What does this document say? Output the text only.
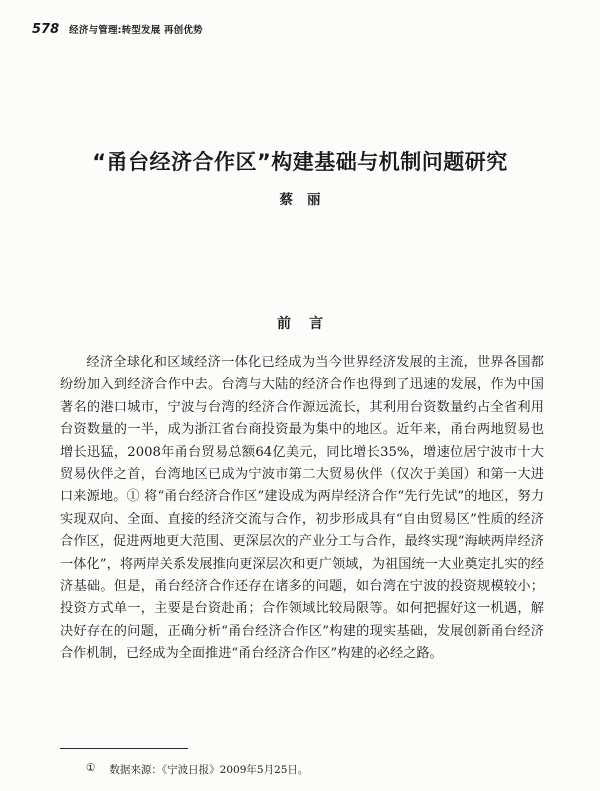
578 经济与管理:转型发展 再创优势
“甬台经济合作区”构建基础与机制问题研究
蔡丽
前言

经济全球化和区域经济一体化已经成为当今世界经济发展的主流，世界各国都纷纷加入到经济合作中去。台湾与大陆的经济合作也得到了迅速的发展，作为中国著名的港口城市，宁波与台湾的经济合作源远流长，其利用台资数量约占全省利用台资数量的一半，成为浙江省台商投资最为集中的地区。近年来，甬台两地贸易也增长迅猛，2008年甬台贸易总额64亿美元，同比增长35%，增速位居宁波市十大贸易伙伴之首，台湾地区已成为宁波市第二大贸易伙伴（仅次于美国）和第一大进口来源地。① 将“甬台经济合作区”建设成为两岸经济合作“先行先试”的地区，努力实现双向、全面、直接的经济交流与合作，初步形成具有“自由贸易区”性质的经济合作区，促进两地更大范围、更深层次的产业分工与合作，最终实现“海峡两岸经济一体化”，将两岸关系发展推向更深层次和更广领域，为祖国统一大业奠定扎实的经济基础。但是，甬台经济合作还存在诸多的问题，如台湾在宁波的投资规模较小；投资方式单一，主要是台资赴甬；合作领域比较局限等。如何把握好这一机遇，解决好存在的问题，正确分析“甬台经济合作区”构建的现实基础，发展创新甬台经济合作机制，已经成为全面推进“甬台经济合作区”构建的必经之路。

① 数据来源：《宁波日报》2009年5月25日。
